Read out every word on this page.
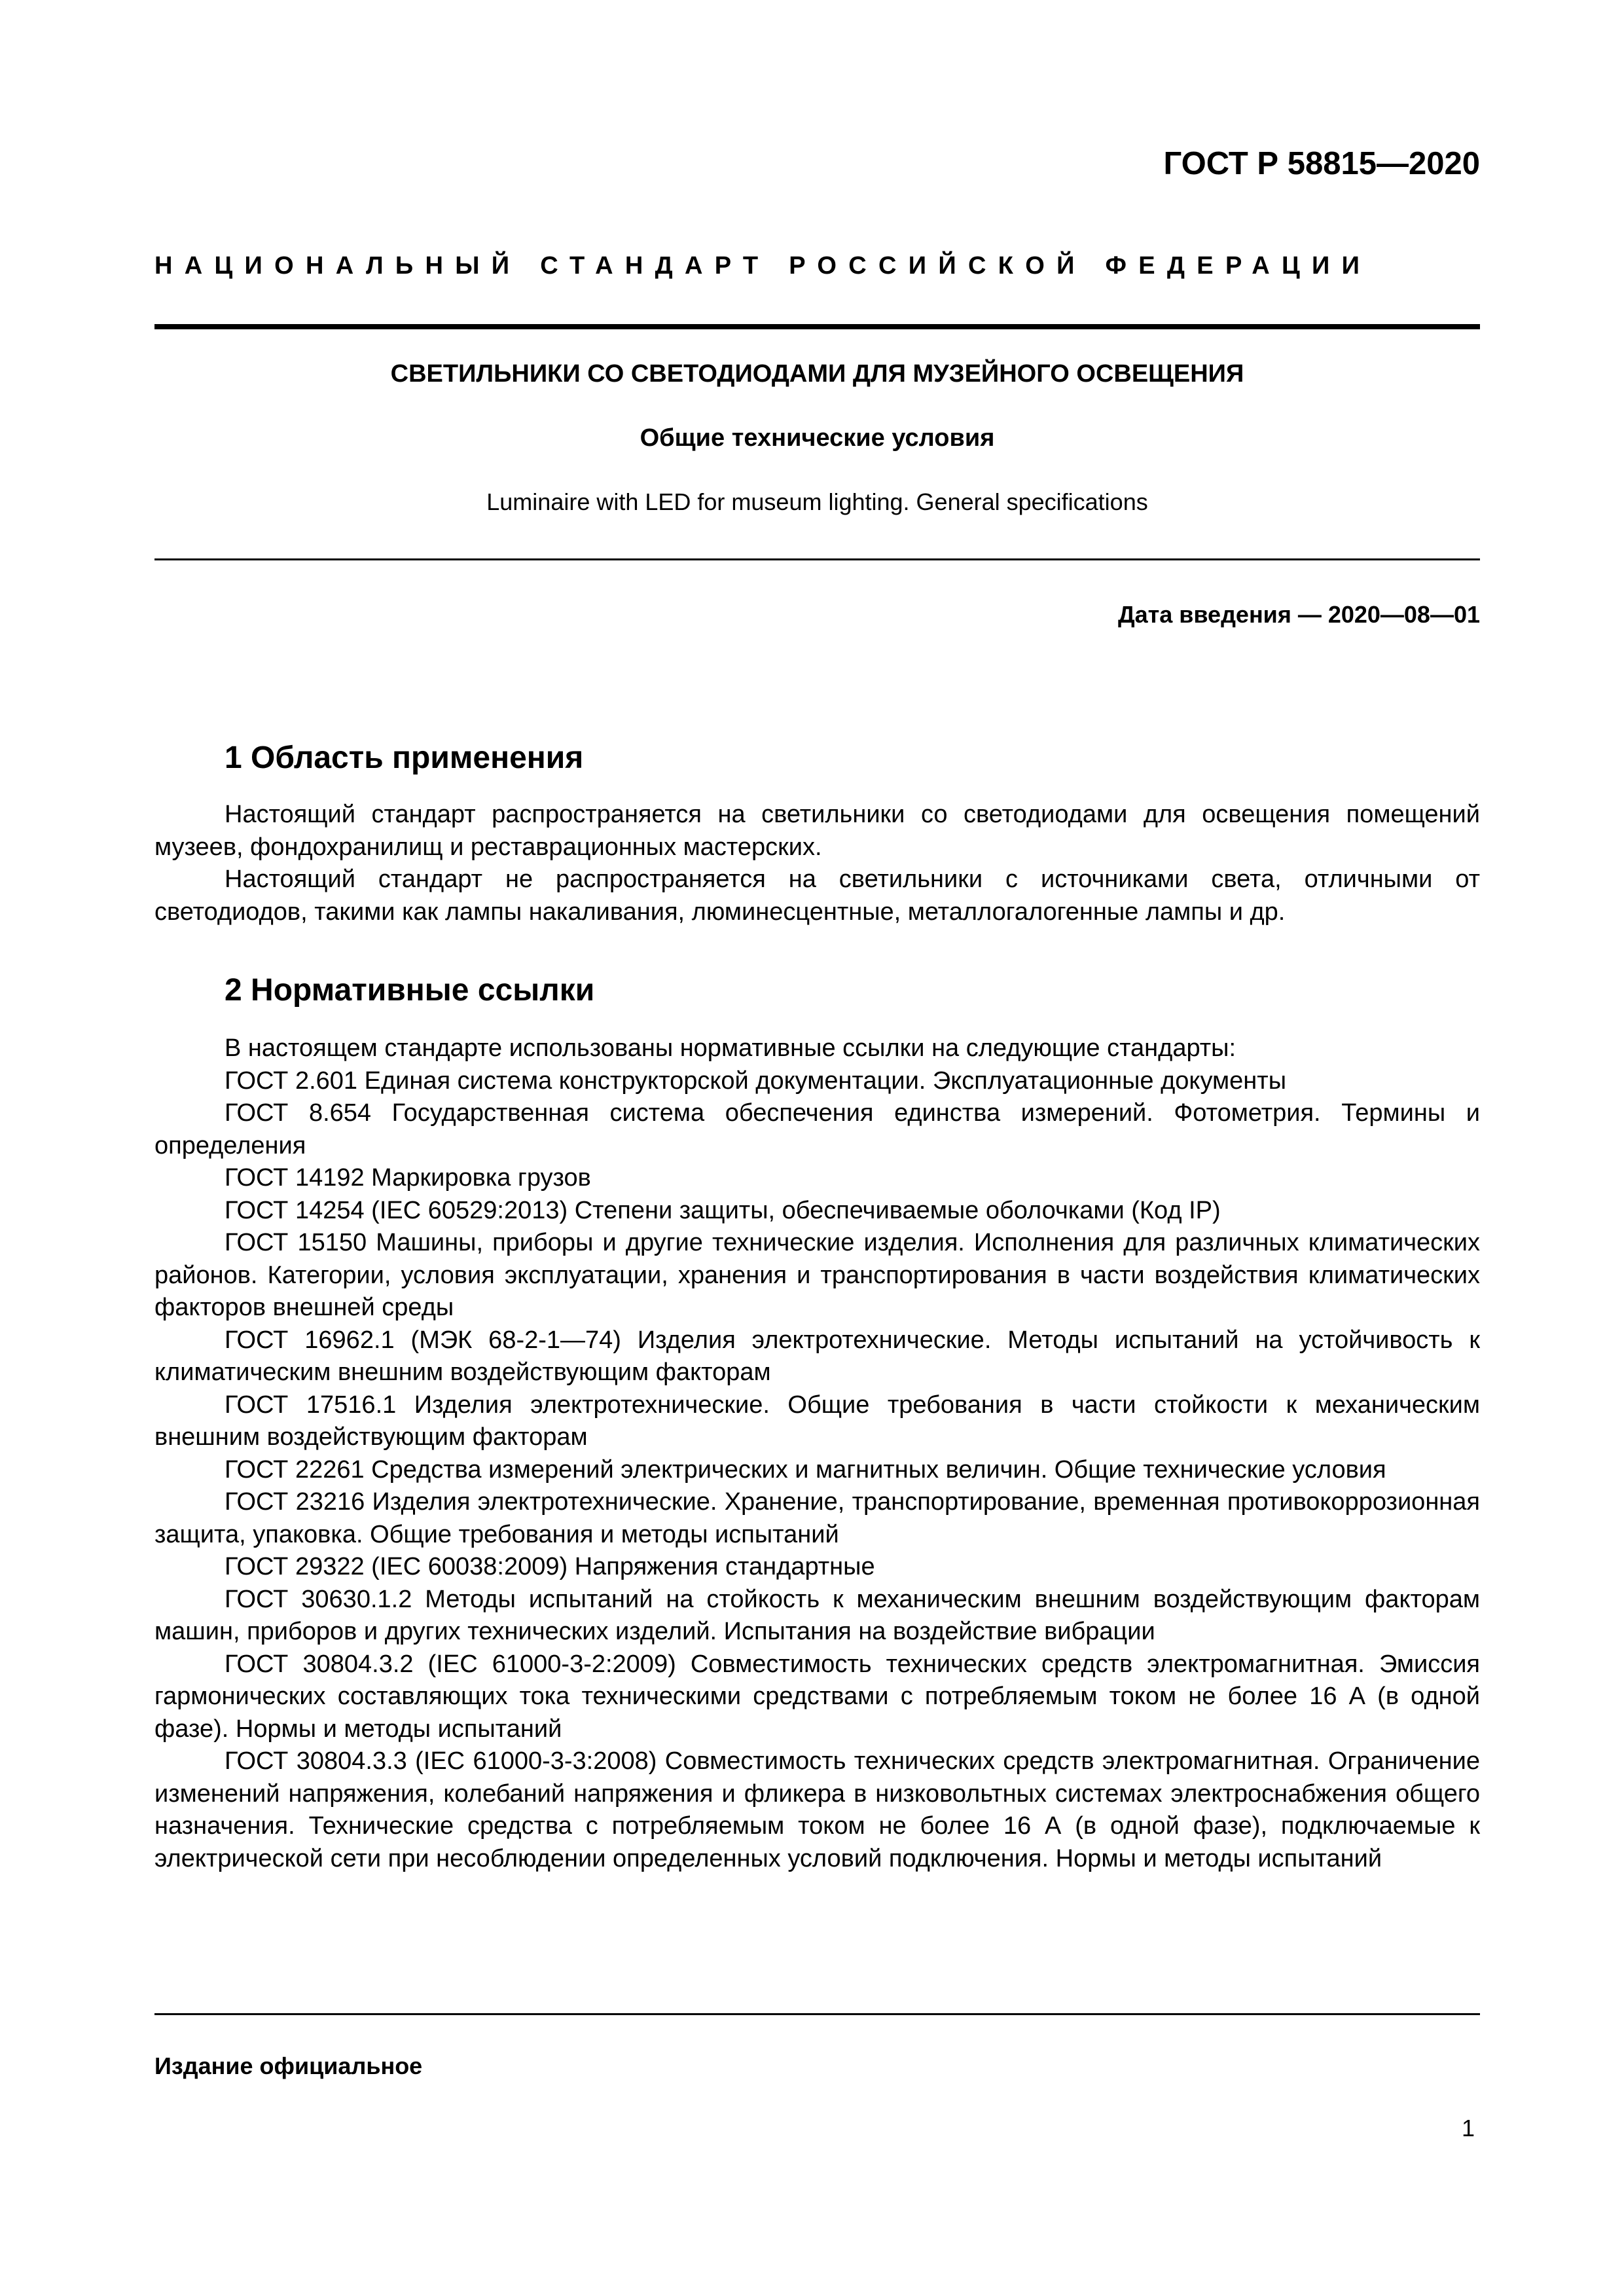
ГОСТ Р 58815—2020
НАЦИОНАЛЬНЫЙ СТАНДАРТ РОССИЙСКОЙ ФЕДЕРАЦИИ
СВЕТИЛЬНИКИ СО СВЕТОДИОДАМИ ДЛЯ МУЗЕЙНОГО ОСВЕЩЕНИЯ
Общие технические условия
Luminaire with LED for museum lighting. General specifications
Дата введения — 2020—08—01
1 Область применения

Настоящий стандарт распространяется на светильники со светодиодами для освещения помещений музеев, фондохранилищ и реставрационных мастерских.

Настоящий стандарт не распространяется на светильники с источниками света, отличными от светодиодов, такими как лампы накаливания, люминесцентные, металлогалогенные лампы и др.

2 Нормативные ссылки

В настоящем стандарте использованы нормативные ссылки на следующие стандарты:

ГОСТ 2.601 Единая система конструкторской документации. Эксплуатационные документы

ГОСТ 8.654 Государственная система обеспечения единства измерений. Фотометрия. Термины и определения

ГОСТ 14192 Маркировка грузов

ГОСТ 14254 (IEC 60529:2013) Степени защиты, обеспечиваемые оболочками (Код IP)

ГОСТ 15150 Машины, приборы и другие технические изделия. Исполнения для различных климатических районов. Категории, условия эксплуатации, хранения и транспортирования в части воздействия климатических факторов внешней среды

ГОСТ 16962.1 (МЭК 68-2-1—74) Изделия электротехнические. Методы испытаний на устойчивость к климатическим внешним воздействующим факторам

ГОСТ 17516.1 Изделия электротехнические. Общие требования в части стойкости к механическим внешним воздействующим факторам

ГОСТ 22261 Средства измерений электрических и магнитных величин. Общие технические условия

ГОСТ 23216 Изделия электротехнические. Хранение, транспортирование, временная противокоррозионная защита, упаковка. Общие требования и методы испытаний

ГОСТ 29322 (IEC 60038:2009) Напряжения стандартные

ГОСТ 30630.1.2 Методы испытаний на стойкость к механическим внешним воздействующим факторам машин, приборов и других технических изделий. Испытания на воздействие вибрации

ГОСТ 30804.3.2 (IEC 61000-3-2:2009) Совместимость технических средств электромагнитная. Эмиссия гармонических составляющих тока техническими средствами с потребляемым током не более 16 А (в одной фазе). Нормы и методы испытаний

ГОСТ 30804.3.3 (IEC 61000-3-3:2008) Совместимость технических средств электромагнитная. Ограничение изменений напряжения, колебаний напряжения и фликера в низковольтных системах электроснабжения общего назначения. Технические средства с потребляемым током не более 16 А (в одной фазе), подключаемые к электрической сети при несоблюдении определенных условий подключения. Нормы и методы испытаний

Издание официальное
1
